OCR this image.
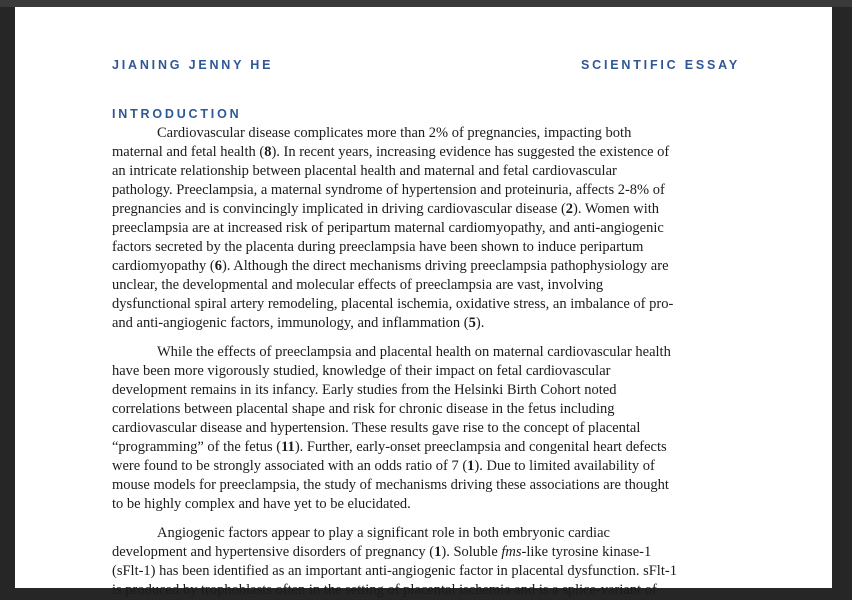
JIANING JENNY HE	SCIENTIFIC ESSAY
INTRODUCTION
Cardiovascular disease complicates more than 2% of pregnancies, impacting both
maternal and fetal health (8). In recent years, increasing evidence has suggested the existence of
an intricate relationship between placental health and maternal and fetal cardiovascular
pathology. Preeclampsia, a maternal syndrome of hypertension and proteinuria, affects 2-8% of
pregnancies and is convincingly implicated in driving cardiovascular disease (2). Women with
preeclampsia are at increased risk of peripartum maternal cardiomyopathy, and anti-angiogenic
factors secreted by the placenta during preeclampsia have been shown to induce peripartum
cardiomyopathy (6). Although the direct mechanisms driving preeclampsia pathophysiology are
unclear, the developmental and molecular effects of preeclampsia are vast, involving
dysfunctional spiral artery remodeling, placental ischemia, oxidative stress, an imbalance of pro-
and anti-angiogenic factors, immunology, and inflammation (5).
While the effects of preeclampsia and placental health on maternal cardiovascular health
have been more vigorously studied, knowledge of their impact on fetal cardiovascular
development remains in its infancy. Early studies from the Helsinki Birth Cohort noted
correlations between placental shape and risk for chronic disease in the fetus including
cardiovascular disease and hypertension. These results gave rise to the concept of placental
“programming” of the fetus (11). Further, early-onset preeclampsia and congenital heart defects
were found to be strongly associated with an odds ratio of 7 (1). Due to limited availability of
mouse models for preeclampsia, the study of mechanisms driving these associations are thought
to be highly complex and have yet to be elucidated.
Angiogenic factors appear to play a significant role in both embryonic cardiac
development and hypertensive disorders of pregnancy (1). Soluble fms-like tyrosine kinase-1
(sFlt-1) has been identified as an important anti-angiogenic factor in placental dysfunction. sFlt-1
is produced by trophoblasts often in the setting of placental ischemia and is a splice-variant of
